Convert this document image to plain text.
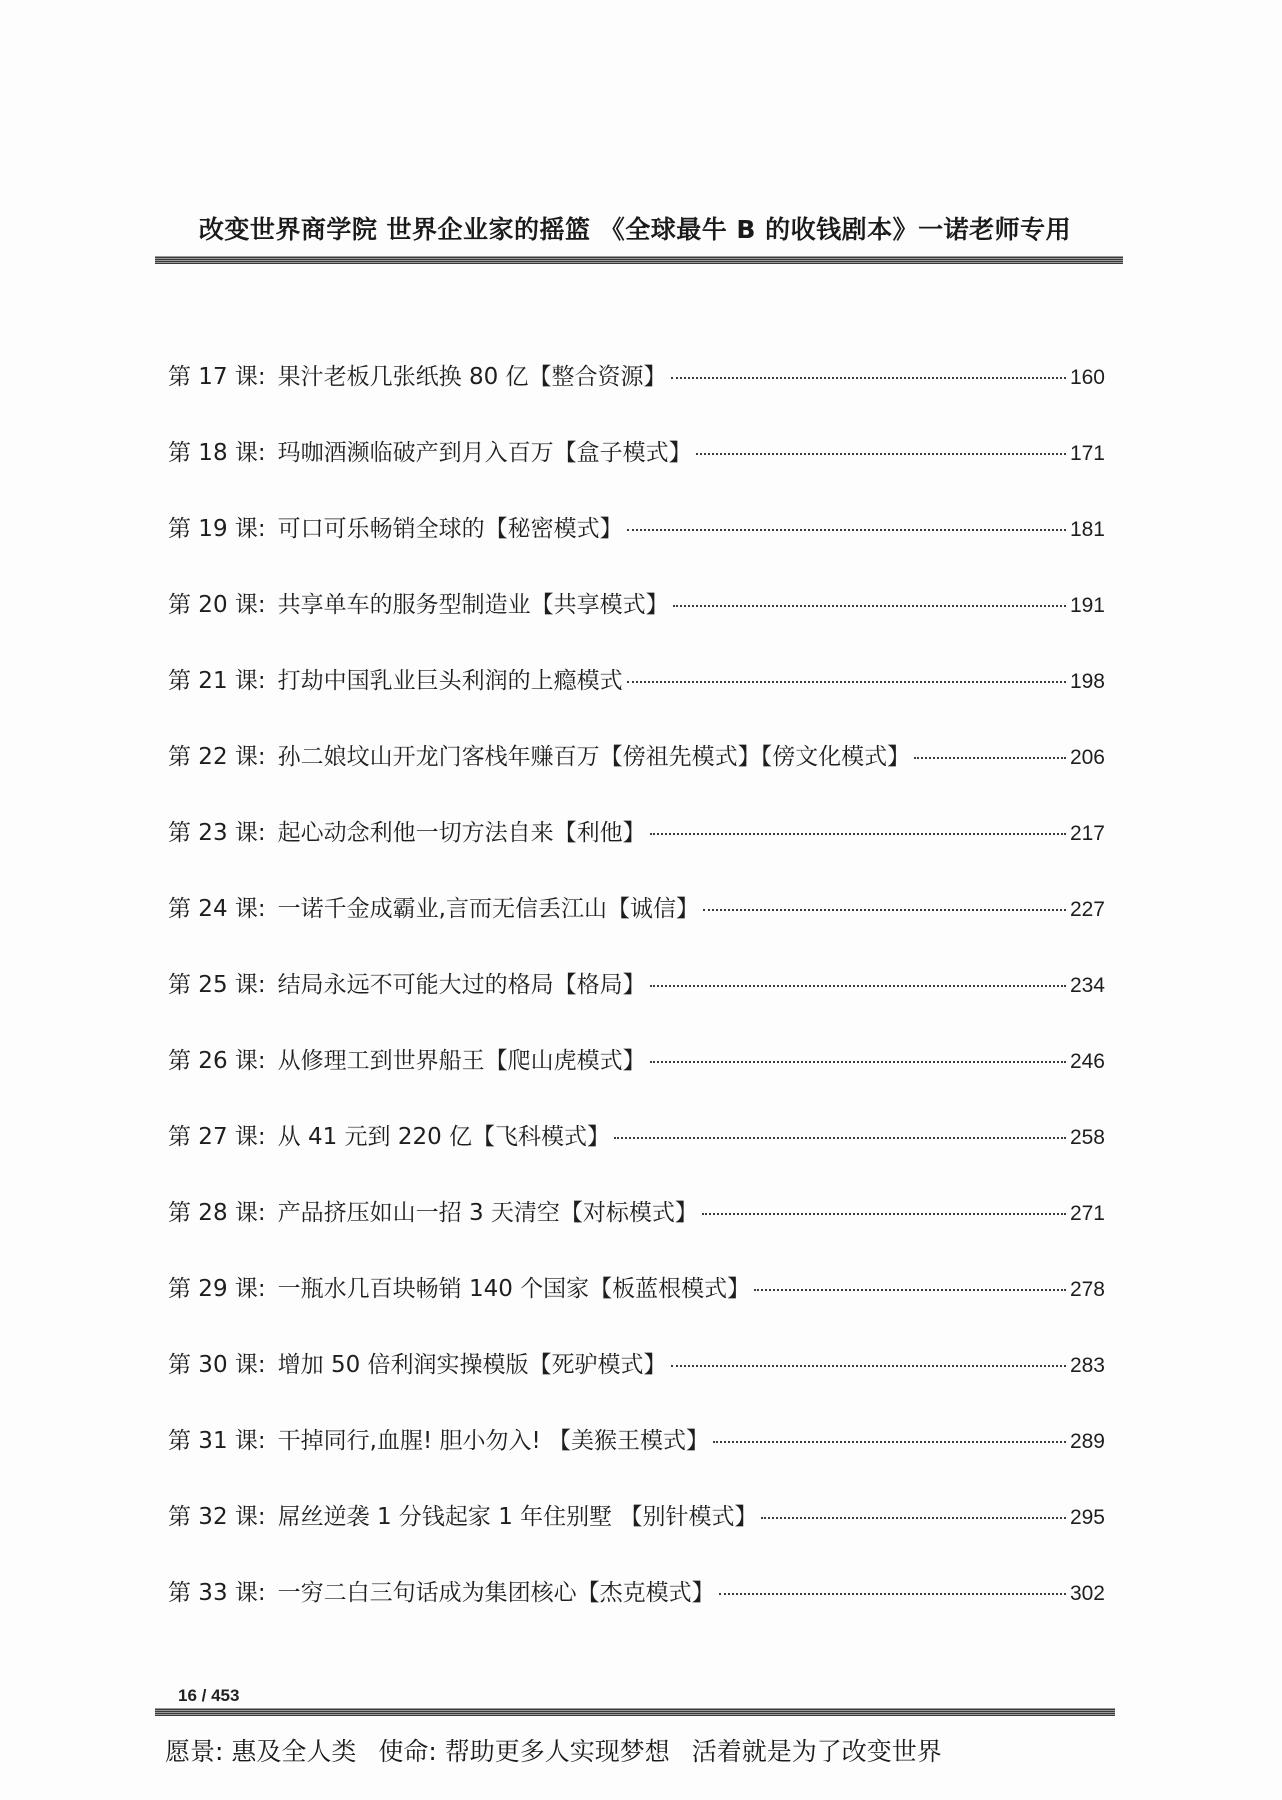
改变世界商学院 世界企业家的摇篮 《全球最牛 B 的收钱剧本》一诺老师专用
第 17 课: 果汁老板几张纸换 80 亿【整合资源】	160
第 18 课: 玛咖酒濒临破产到月入百万【盒子模式】	171
第 19 课: 可口可乐畅销全球的【秘密模式】	181
第 20 课: 共享单车的服务型制造业【共享模式】	191
第 21 课: 打劫中国乳业巨头利润的上瘾模式	198
第 22 课: 孙二娘坟山开龙门客栈年赚百万【傍祖先模式】【傍文化模式】	206
第 23 课: 起心动念利他一切方法自来【利他】	217
第 24 课: 一诺千金成霸业,言而无信丢江山【诚信】	227
第 25 课: 结局永远不可能大过的格局【格局】	234
第 26 课: 从修理工到世界船王【爬山虎模式】	246
第 27 课: 从 41 元到 220 亿【飞科模式】	258
第 28 课: 产品挤压如山一招 3 天清空【对标模式】	271
第 29 课: 一瓶水几百块畅销 140 个国家【板蓝根模式】	278
第 30 课: 增加 50 倍利润实操模版【死驴模式】	283
第 31 课: 干掉同行,血腥! 胆小勿入! 【美猴王模式】	289
第 32 课: 屌丝逆袭 1 分钱起家 1 年住别墅 【别针模式】	295
第 33 课: 一穷二白三句话成为集团核心【杰克模式】	302
16 / 453
愿景: 惠及全人类 使命: 帮助更多人实现梦想 活着就是为了改变世界
